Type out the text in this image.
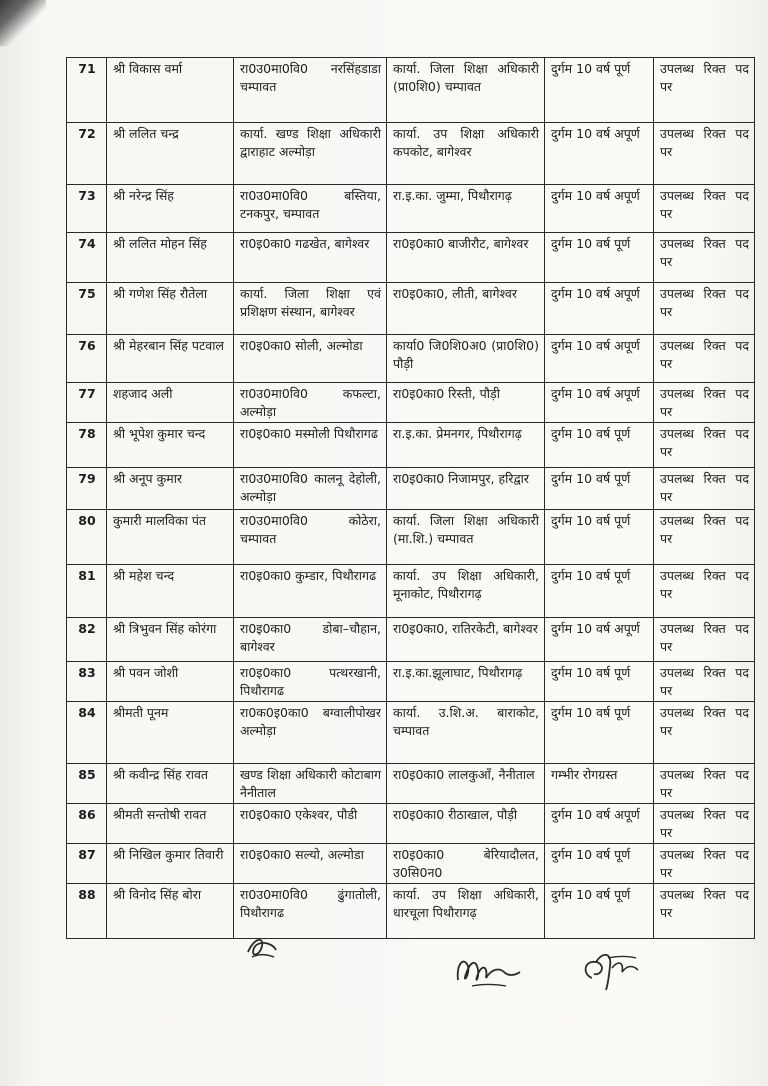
71	श्री विकास वर्मा	रा0उ0मा0वि0 नरसिंहडाडा चम्पावत	कार्या. जिला शिक्षा अधिकारी (प्रा0शि0) चम्पावत	दुर्गम 10 वर्ष पूर्ण	उपलब्ध रिक्त पद पर
72	श्री ललित चन्द्र	कार्या. खण्ड शिक्षा अधिकारी द्वाराहाट अल्मोड़ा	कार्या. उप शिक्षा अधिकारी कपकोट, बागेश्वर	दुर्गम 10 वर्ष अपूर्ण	उपलब्ध रिक्त पद पर
73	श्री नरेन्द्र सिंह	रा0उ0मा0वि0 बस्तिया, टनकपुर, चम्पावत	रा.इ.का. जुम्मा, पिथौरागढ़	दुर्गम 10 वर्ष अपूर्ण	उपलब्ध रिक्त पद पर
74	श्री ललित मोहन सिंह	रा0इ0का0 गढखेत, बागेश्वर	रा0इ0का0 बाजीरौट, बागेश्वर	दुर्गम 10 वर्ष पूर्ण	उपलब्ध रिक्त पद पर
75	श्री गणेश सिंह रौतेला	कार्या. जिला शिक्षा एवं प्रशिक्षण संस्थान, बागेश्वर	रा0इ0का0, लीती, बागेश्वर	दुर्गम 10 वर्ष अपूर्ण	उपलब्ध रिक्त पद पर
76	श्री मेहरबान सिंह पटवाल	रा0इ0का0 सोली, अल्मोडा	कार्या0 जि0शि0अ0 (प्रा0शि0) पौड़ी	दुर्गम 10 वर्ष अपूर्ण	उपलब्ध रिक्त पद पर
77	शहजाद अली	रा0उ0मा0वि0 कफल्टा, अल्मोड़ा	रा0इ0का0 रिस्ती, पौड़ी	दुर्गम 10 वर्ष अपूर्ण	उपलब्ध रिक्त पद पर
78	श्री भूपेश कुमार चन्द	रा0इ0का0 मस्मोली पिथौरागढ	रा.इ.का. प्रेमनगर, पिथौरागढ़	दुर्गम 10 वर्ष पूर्ण	उपलब्ध रिक्त पद पर
79	श्री अनूप कुमार	रा0उ0मा0वि0 कालनू देहोली, अल्मोड़ा	रा0इ0का0 निजामपुर, हरिद्वार	दुर्गम 10 वर्ष पूर्ण	उपलब्ध रिक्त पद पर
80	कुमारी मालविका पंत	रा0उ0मा0वि0 कोठेरा, चम्पावत	कार्या. जिला शिक्षा अधिकारी (मा.शि.) चम्पावत	दुर्गम 10 वर्ष पूर्ण	उपलब्ध रिक्त पद पर
81	श्री महेश चन्द	रा0इ0का0 कुम्डार, पिथौरागढ	कार्या. उप शिक्षा अधिकारी, मूनाकोट, पिथौरागढ़	दुर्गम 10 वर्ष पूर्ण	उपलब्ध रिक्त पद पर
82	श्री त्रिभुवन सिंह कोरंगा	रा0इ0का0 डोबा–चौहान, बागेश्वर	रा0इ0का0, रातिरकेटी, बागेश्वर	दुर्गम 10 वर्ष अपूर्ण	उपलब्ध रिक्त पद पर
83	श्री पवन जोशी	रा0इ0का0 पत्थरखानी, पिथौरागढ	रा.इ.का.झूलाघाट, पिथौरागढ़	दुर्गम 10 वर्ष पूर्ण	उपलब्ध रिक्त पद पर
84	श्रीमती पूनम	रा0क0इ0का0 बग्वालीपोखर अल्मोड़ा	कार्या. उ.शि.अ. बाराकोट, चम्पावत	दुर्गम 10 वर्ष पूर्ण	उपलब्ध रिक्त पद पर
85	श्री कवीन्द्र सिंह रावत	खण्ड शिक्षा अधिकारी कोटाबाग नैनीताल	रा0इ0का0 लालकुऑं, नैनीताल	गम्भीर रोगग्रस्त	उपलब्ध रिक्त पद पर
86	श्रीमती सन्तोषी रावत	रा0इ0का0 एकेश्वर, पौडी	रा0इ0का0 रीठाखाल, पौड़ी	दुर्गम 10 वर्ष अपूर्ण	उपलब्ध रिक्त पद पर
87	श्री निखिल कुमार तिवारी	रा0इ0का0 सल्यो, अल्मोडा	रा0इ0का0 बेरियादौलत, उ0सि0न0	दुर्गम 10 वर्ष पूर्ण	उपलब्ध रिक्त पद पर
88	श्री विनोद सिंह बोरा	रा0उ0मा0वि0 ढुंगातोली, पिथौरागढ	कार्या. उप शिक्षा अधिकारी, धारचूला पिथौरागढ़	दुर्गम 10 वर्ष पूर्ण	उपलब्ध रिक्त पद पर
